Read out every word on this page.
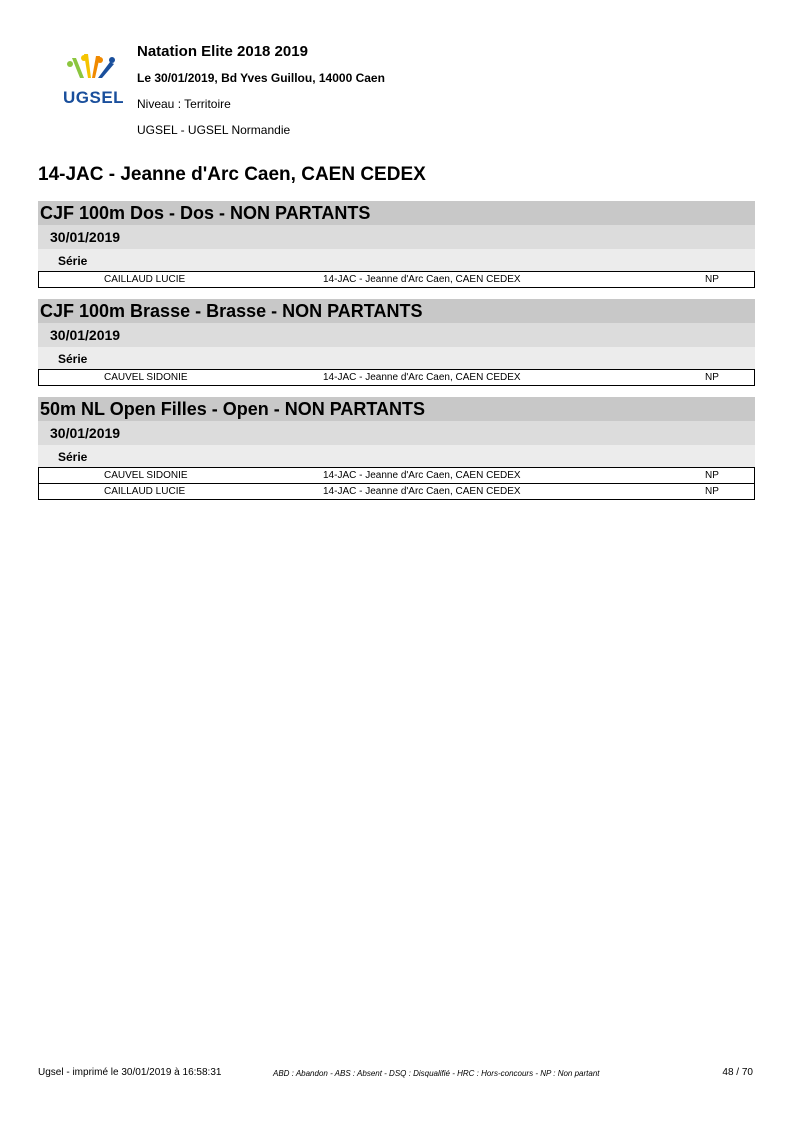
UGSEL
Natation Elite 2018 2019
Le 30/01/2019, Bd Yves Guillou, 14000 Caen
Niveau : Territoire
UGSEL - UGSEL Normandie
14-JAC - Jeanne d'Arc Caen, CAEN CEDEX
CJF 100m Dos - Dos - NON PARTANTS
30/01/2019
Série
CAILLAUD LUCIE	14-JAC - Jeanne d'Arc Caen, CAEN CEDEX	NP
CJF 100m Brasse - Brasse - NON PARTANTS
30/01/2019
Série
CAUVEL SIDONIE	14-JAC - Jeanne d'Arc Caen, CAEN CEDEX	NP
50m NL Open Filles - Open - NON PARTANTS
30/01/2019
Série
CAUVEL SIDONIE	14-JAC - Jeanne d'Arc Caen, CAEN CEDEX	NP
CAILLAUD LUCIE	14-JAC - Jeanne d'Arc Caen, CAEN CEDEX	NP
Ugsel - imprimé le 30/01/2019 à 16:58:31	ABD : Abandon - ABS : Absent - DSQ : Disqualifié - HRC : Hors-concours - NP : Non partant	48 / 70
